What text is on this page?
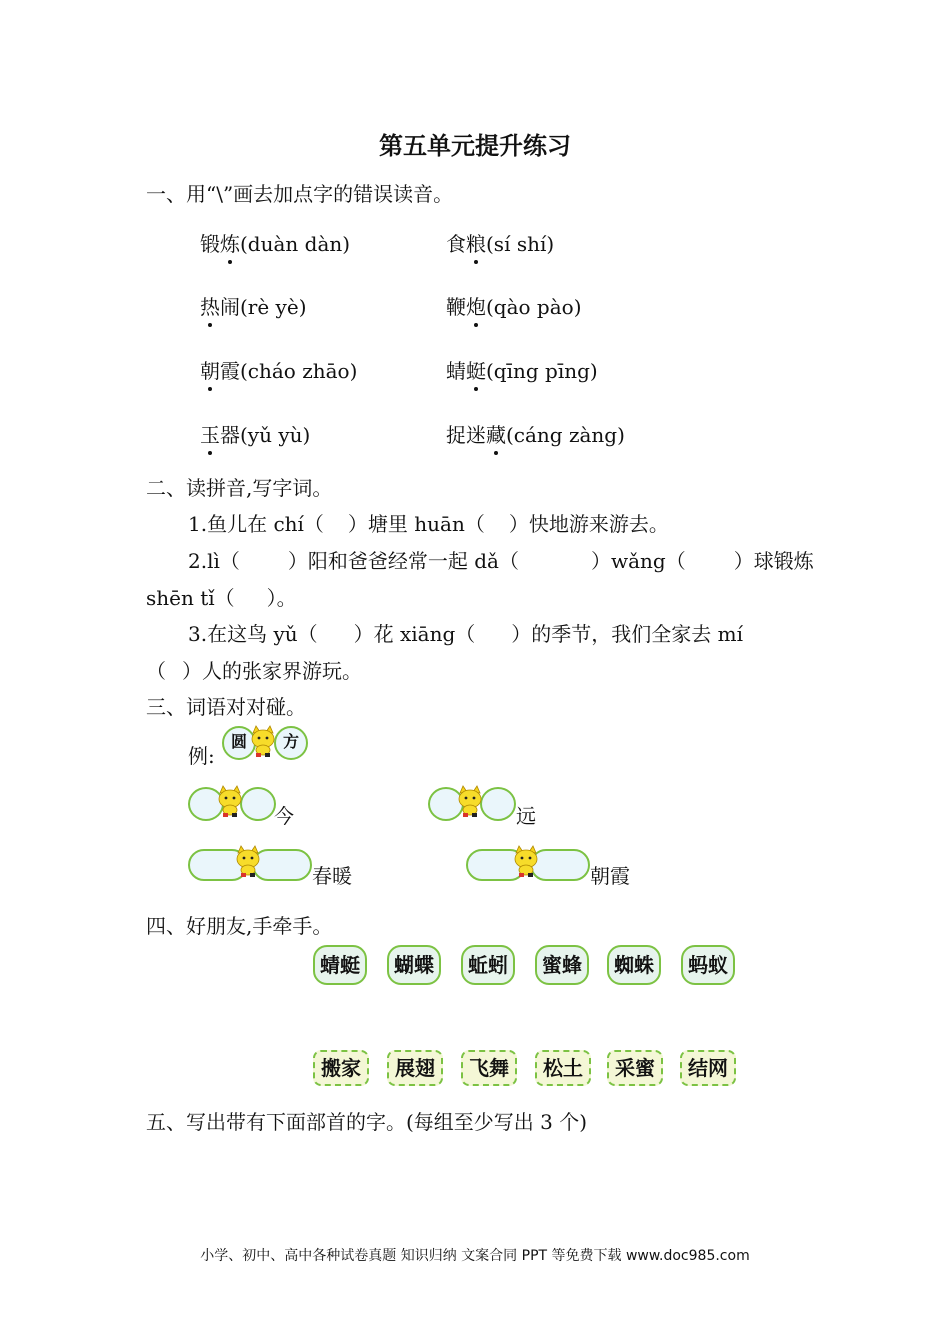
第五单元提升练习
一、用“\”画去加点字的错误读音。
锻炼(duàn dàn)	食粮(sí shí)
热闹(rè yè)	鞭炮(qào pào)
朝霞(cháo zhāo)	蜻蜓(qīng pīng)
玉器(yǔ yù)	捉迷藏(cáng zàng)
二、读拼音,写字词。
1.鱼儿在 chí（ ）塘里 huān（ ）快地游来游去。
2.lì（ ）阳和爸爸经常一起 dǎ（	）wǎng（ ）球锻炼
shēn tǐ（ ）。
3.在这鸟 yǔ（ ）花 xiāng（ ）的季节，我们全家去 mí
（ ）人的张家界游玩。
三、词语对对碰。
例:
圆	方
今	远
春暖	朝霞
四、好朋友,手牵手。
蜻蜓	蝴蝶	蚯蚓	蜜蜂	蜘蛛	蚂蚁
搬家	展翅	飞舞	松土	采蜜	结网
五、写出带有下面部首的字。(每组至少写出 3 个)
小学、初中、高中各种试卷真题 知识归纳 文案合同 PPT 等免费下载 www.doc985.com
